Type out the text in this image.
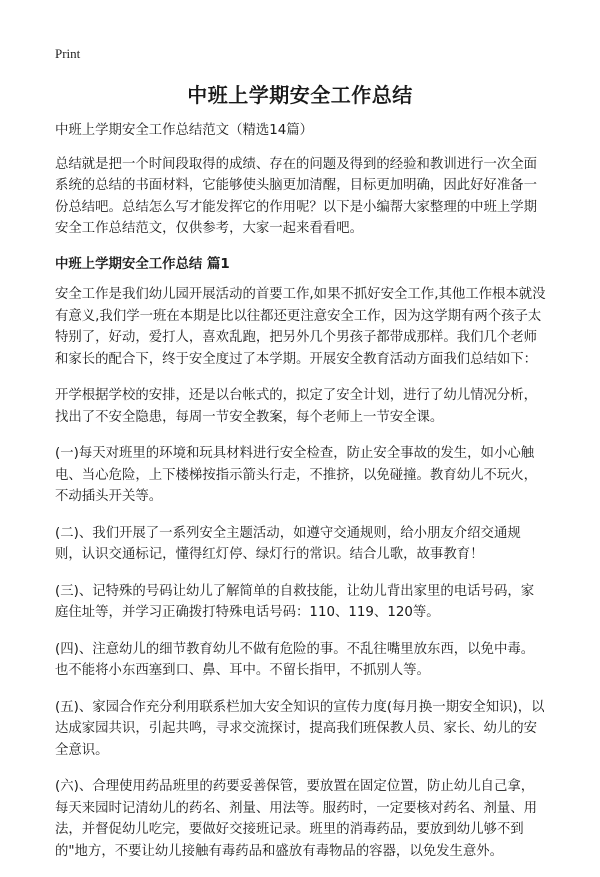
Print
中班上学期安全工作总结

中班上学期安全工作总结范文（精选14篇）

总结就是把一个时间段取得的成绩、存在的问题及得到的经验和教训进行一次全面系统的总结的书面材料，它能够使头脑更加清醒，目标更加明确，因此好好准备一份总结吧。总结怎么写才能发挥它的作用呢？以下是小编帮大家整理的中班上学期安全工作总结范文，仅供参考，大家一起来看看吧。

中班上学期安全工作总结 篇1

安全工作是我们幼儿园开展活动的首要工作,如果不抓好安全工作,其他工作根本就没有意义,我们学一班在本期是比以往都还更注意安全工作，因为这学期有两个孩子太特别了，好动，爱打人，喜欢乱跑，把另外几个男孩子都带成那样。我们几个老师和家长的配合下，终于安全度过了本学期。开展安全教育活动方面我们总结如下：

开学根据学校的安排，还是以台帐式的，拟定了安全计划，进行了幼儿情况分析，找出了不安全隐患，每周一节安全教案，每个老师上一节安全课。

(一)每天对班里的环境和玩具材料进行安全检查，防止安全事故的发生，如小心触电、当心危险，上下楼梯按指示箭头行走，不推挤，以免碰撞。教育幼儿不玩火，不动插头开关等。

(二)、我们开展了一系列安全主题活动，如遵守交通规则，给小朋友介绍交通规则，认识交通标记，懂得红灯停、绿灯行的常识。结合儿歌，故事教育！

(三)、记特殊的号码让幼儿了解简单的自救技能，让幼儿背出家里的电话号码，家庭住址等，并学习正确拨打特殊电话号码：110、119、120等。

(四)、注意幼儿的细节教育幼儿不做有危险的事。不乱往嘴里放东西，以免中毒。也不能将小东西塞到口、鼻、耳中。不留长指甲，不抓别人等。

(五)、家园合作充分利用联系栏加大安全知识的宣传力度(每月换一期安全知识)，以达成家园共识，引起共鸣，寻求交流探讨，提高我们班保教人员、家长、幼儿的安全意识。

(六)、合理使用药品班里的药要妥善保管，要放置在固定位置，防止幼儿自己拿，每天来园时记清幼儿的药名、剂量、用法等。服药时，一定要核对药名、剂量、用法，并督促幼儿吃完，要做好交接班记录。班里的消毒药品，要放到幼儿够不到的"地方，不要让幼儿接触有毒药品和盛放有毒物品的容器，以免发生意外。
